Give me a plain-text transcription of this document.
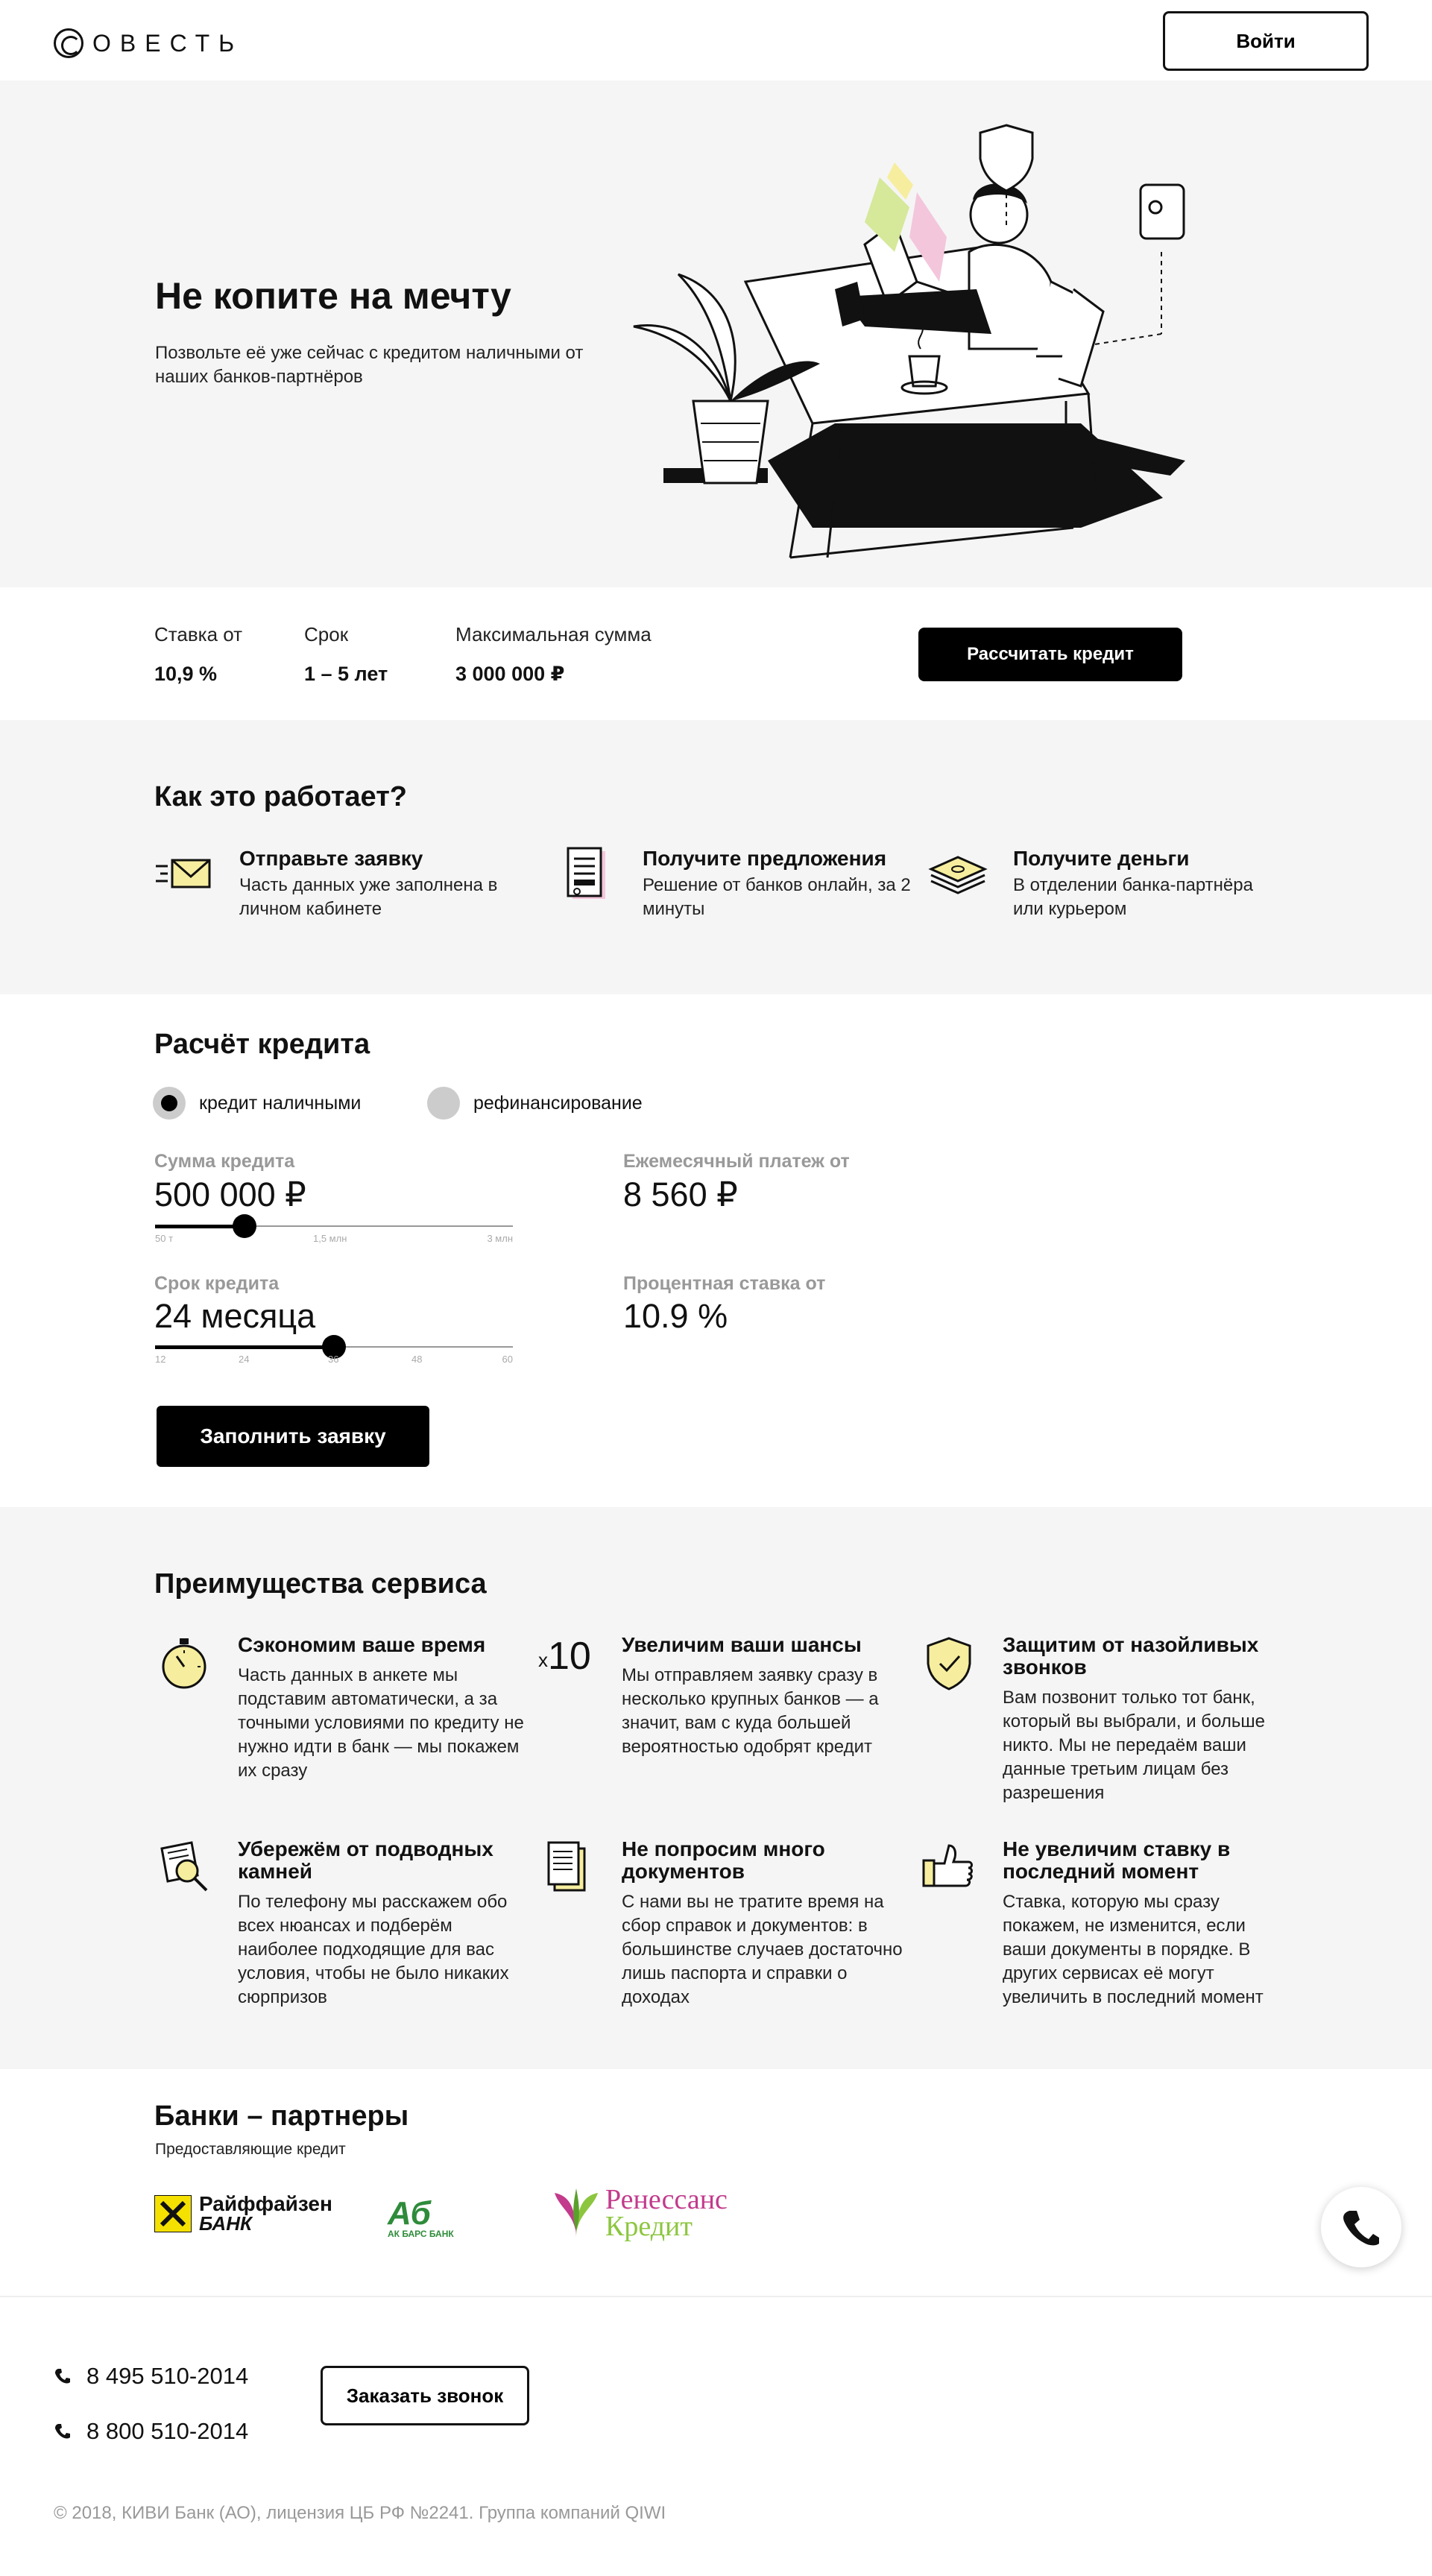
ОВЕСТЬ	Войти
Не копите на мечту

Позвольте её уже сейчас с кредитом наличными от наших банков-партнёров

Ставка от
10,9 %
Срок
1 – 5 лет
Максимальная сумма
3 000 000 ₽
Рассчитать кредит
Как это работает?
Отправьте заявку
Часть данных уже заполнена в личном кабинете
Получите предложения
Решение от банков онлайн, за 2 минуты
Получите деньги
В отделении банка-партнёра или курьером
Расчёт кредита
кредит наличными	рефинансирование
Сумма кредита
500 000 ₽
50 т	1,5 млн	3 млн
Срок кредита
24 месяца
12	24	36	48	60
Ежемесячный платеж от
8 560 ₽
Процентная ставка от
10.9 %
Заполнить заявку
Преимущества сервиса
Сэкономим ваше время
Часть данных в анкете мы подставим автоматически, а за точными условиями по кредиту не нужно идти в банк — мы покажем их сразу
x 10 Увеличим ваши шансы
Мы отправляем заявку сразу в несколько крупных банков — а значит, вам с куда большей вероятностью одобрят кредит
Защитим от назойливых звонков
Вам позвонит только тот банк, который вы выбрали, и больше никто. Мы не передаём ваши данные третьим лицам без разрешения
Убережём от подводных камней
По телефону мы расскажем обо всех нюансах и подберём наиболее подходящие для вас условия, чтобы не было никаких сюрпризов
Не попросим много документов
С нами вы не тратите время на сбор справок и документов: в большинстве случаев достаточно лишь паспорта и справки о доходах
Не увеличим ставку в последний момент
Ставка, которую мы сразу покажем, не изменится, если ваши документы в порядке. В других сервисах её могут увеличить в последний момент
Банки – партнеры
Предоставляющие кредит
Райффайзен
БАНК	Аб
АК БАРС БАНК
Ренессанс
Кредит
8 495 510-2014
8 800 510-2014
Заказать звонок
© 2018, КИВИ Банк (АО), лицензия ЦБ РФ №2241. Группа компаний QIWI
